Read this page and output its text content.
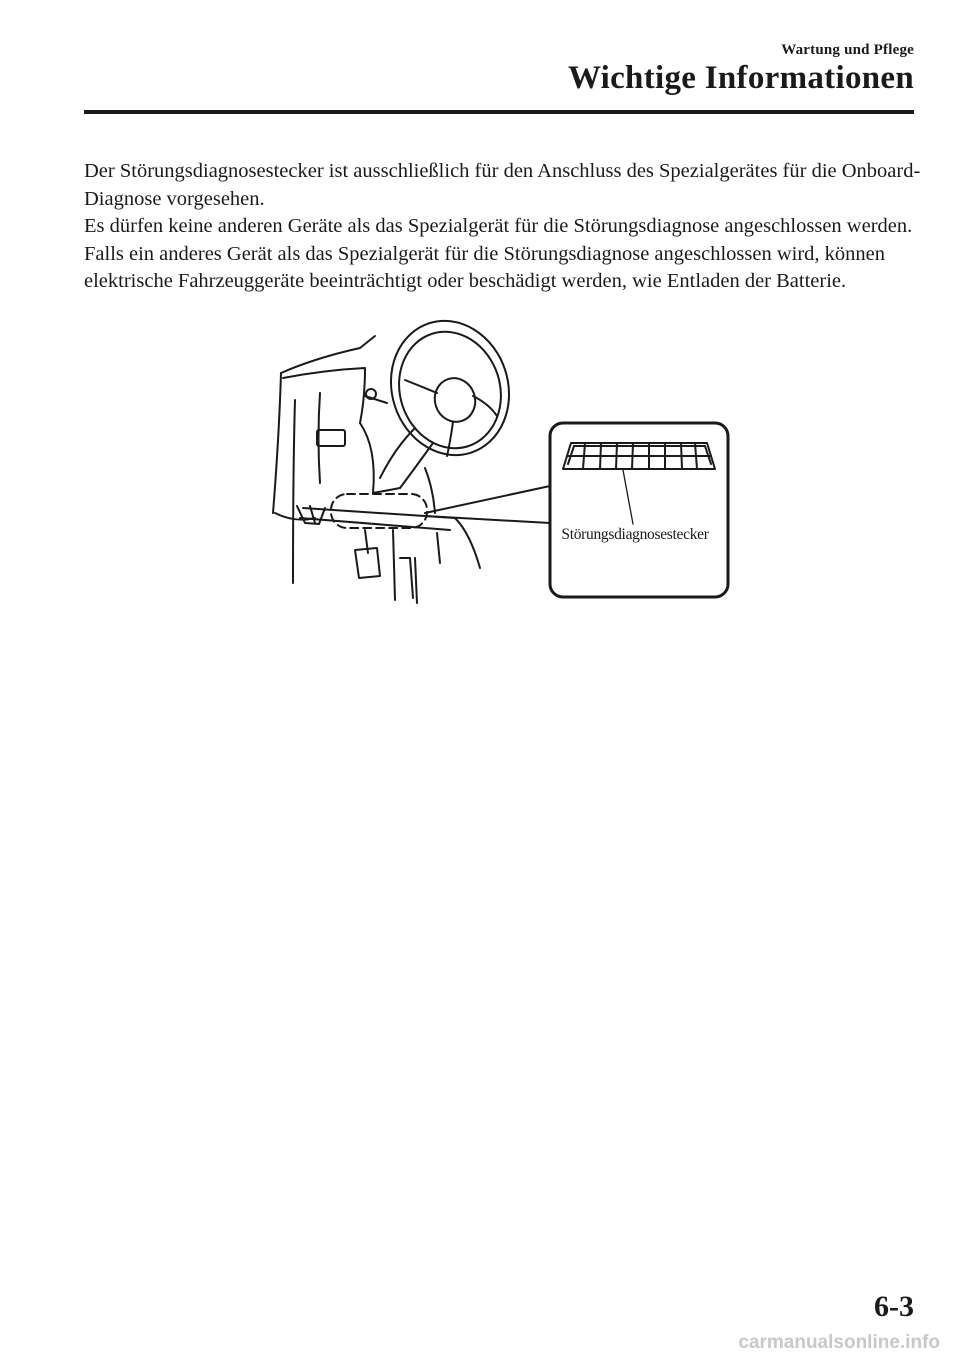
Wartung und Pflege
Wichtige Informationen

Der Störungsdiagnosestecker ist ausschließlich für den Anschluss des Spezialgerätes für die Onboard-Diagnose vorgesehen.

Es dürfen keine anderen Geräte als das Spezialgerät für die Störungsdiagnose angeschlossen werden. Falls ein anderes Gerät als das Spezialgerät für die Störungsdiagnose angeschlossen wird, können elektrische Fahrzeuggeräte beeinträchtigt oder beschädigt werden, wie Entladen der Batterie.

Störungsdiagnosestecker
6-3
carmanualsonline.info
